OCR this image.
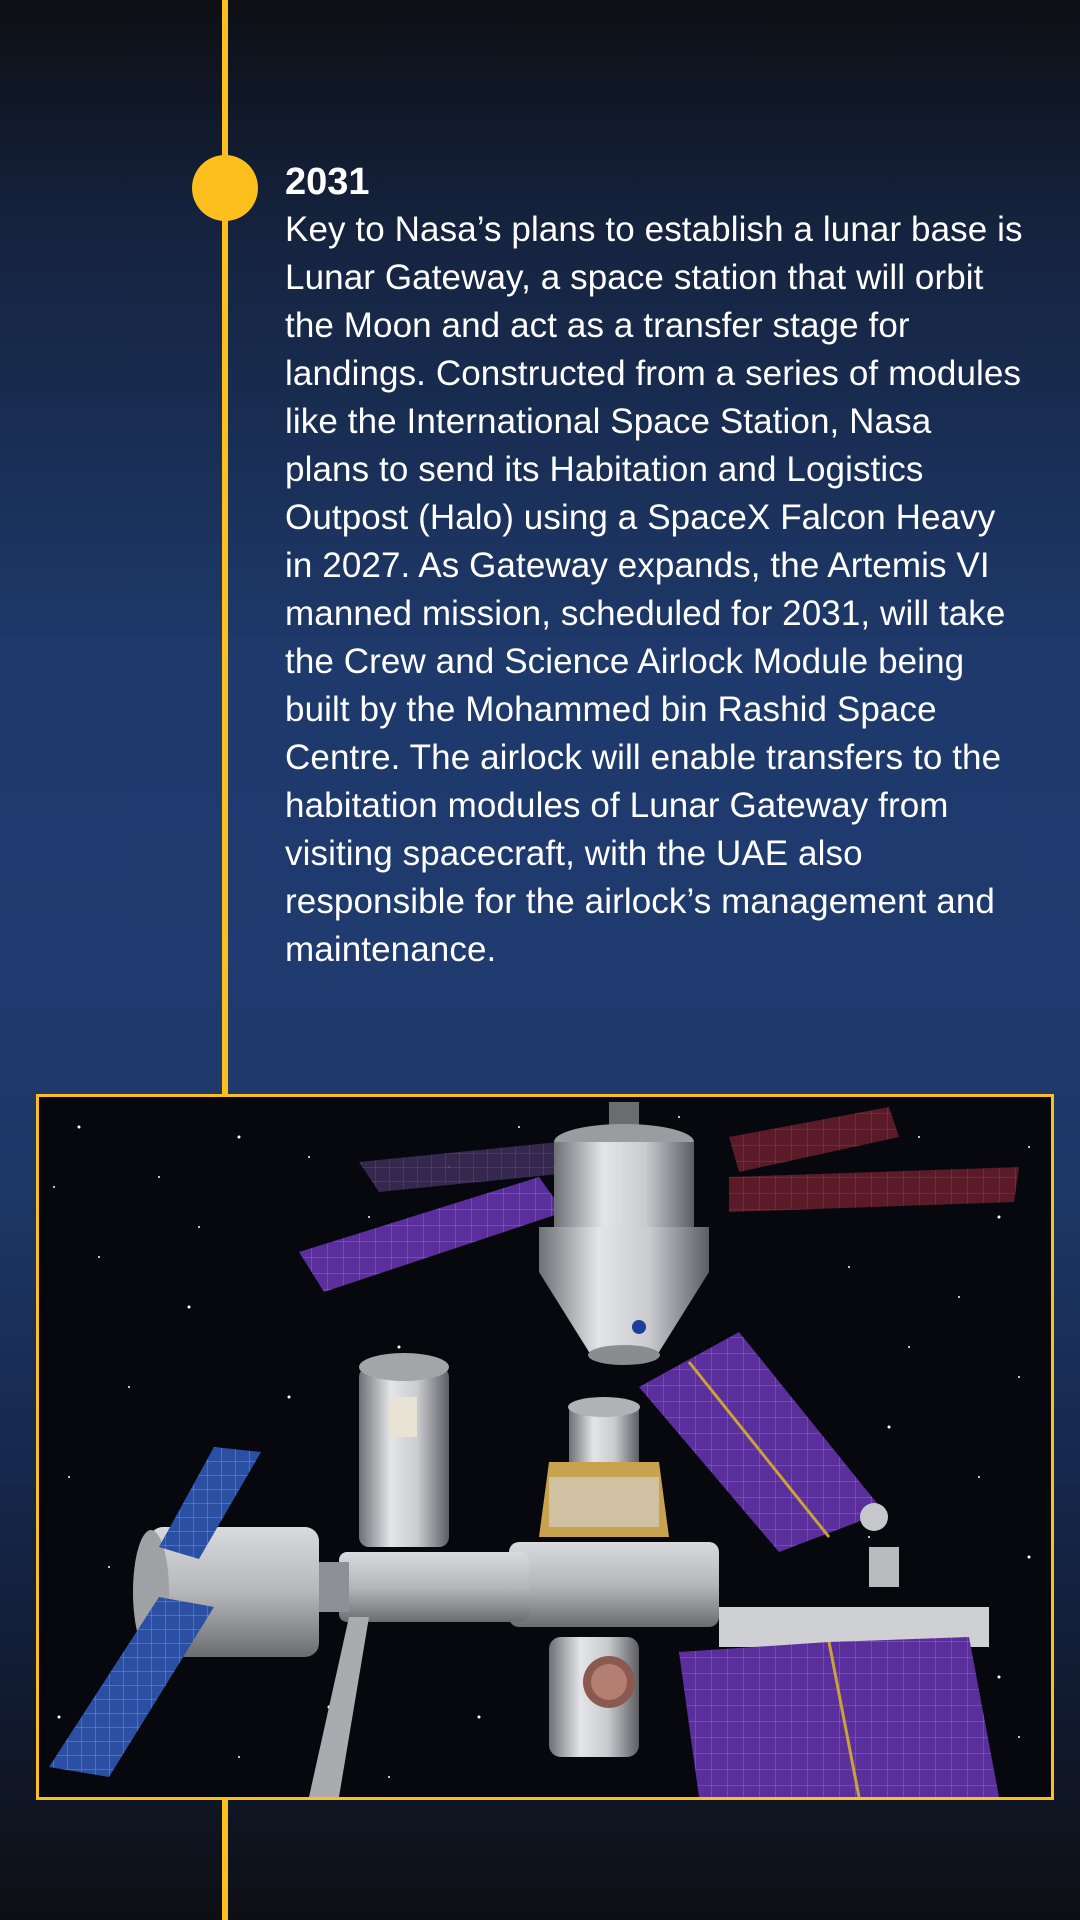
2031

Key to Nasa’s plans to establish a lunar base is Lunar Gateway, a space station that will orbit the Moon and act as a transfer stage for landings. Constructed from a series of modules like the International Space Station, Nasa plans to send its Habitation and Logistics Outpost (Halo) using a SpaceX Falcon Heavy in 2027. As Gateway expands, the Artemis VI manned mission, scheduled for 2031, will take the Crew and Science Airlock Module being built by the Mohammed bin Rashid Space Centre. The airlock will enable transfers to the habitation modules of Lunar Gateway from visiting spacecraft, with the UAE also responsible for the airlock’s management and maintenance.
